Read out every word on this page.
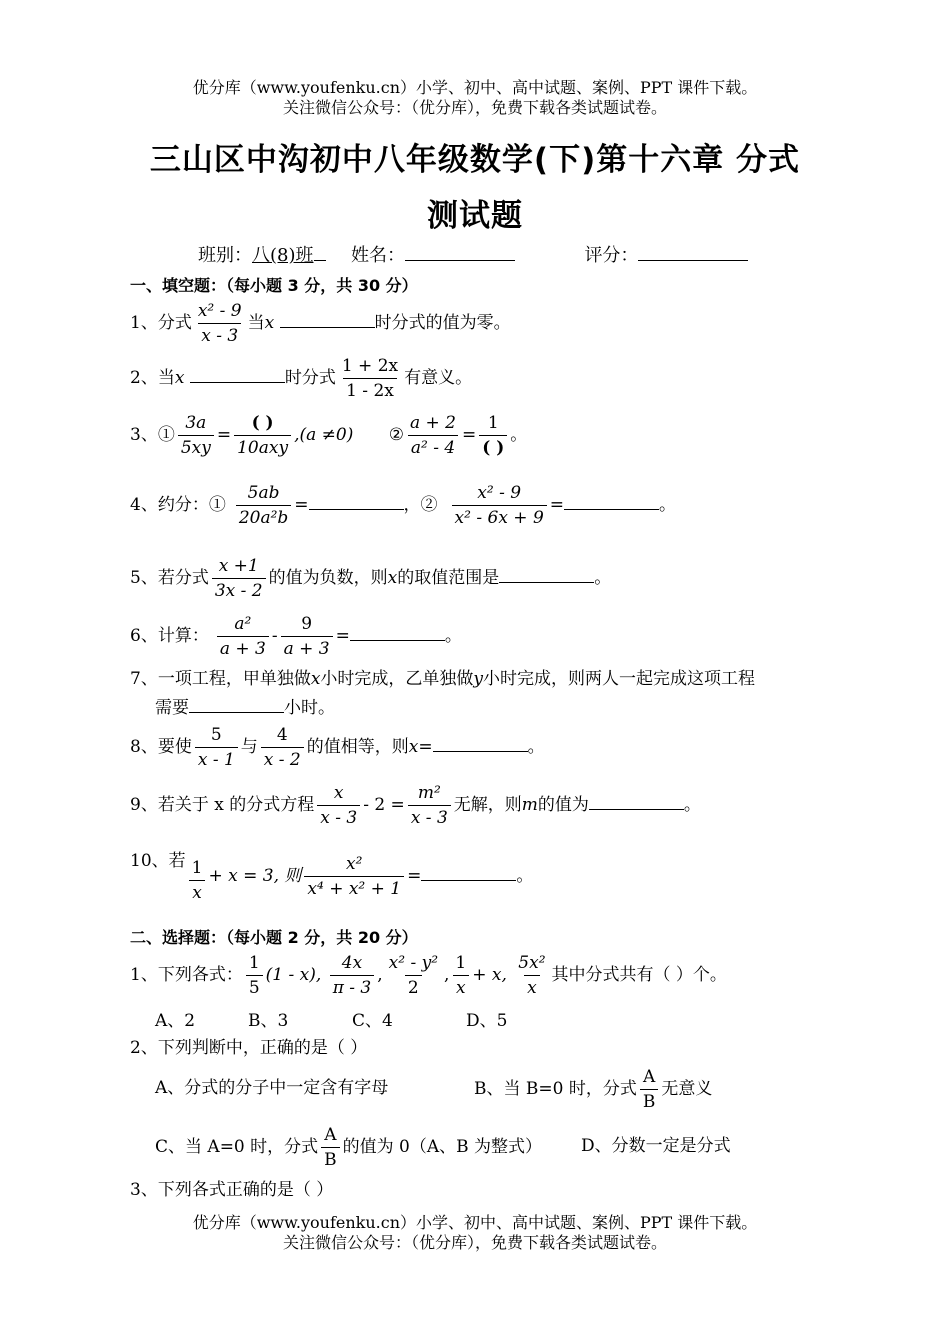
优分库（www.youfenku.cn）小学、初中、高中试题、案例、PPT 课件下载。
关注微信公众号：（优分库），免费下载各类试题试卷。
三山区中沟初中八年级数学(下)第十六章 分式
测试题
班别：八(8)班 姓名：	评分：
一、填空题：（每小题 3 分，共 30 分）
1、分式 $\frac{\text{x² - 9}}{x - 3}$ 当x	时分式的值为零。
2、当x	时分式 $\frac{1 + 2x}{1 - 2x}$ 有意义。
3、① $\frac{3a}{5xy} = \frac{( )}{\text{10axy}} ,(a \ne 0)$ ② $\frac{a + 2}{\text{a² - 4}} = \frac{1}{( )}$ 。
4、约分：① $\frac{5ab}{\text{20a²b}}$ =	，② $\frac{\text{x² - 9}}{\text{x² - 6x + 9}}$ =	。
5、若分式 $\frac{x +1}{3x - 2}$ 的值为负数，则x的取值范围是	。
6、计算： $\frac{\text{a²}}{a + 3} - \frac{9}{a + 3}$ =	。
7、一项工程，甲单独做x小时完成，乙单独做y小时完成，则两人一起完成这项工程
需要	小时。
8、要使 $\frac{5}{x - 1}$ 与 $\frac{4}{x - 2}$ 的值相等，则x=	。
9、若关于 x 的分式方程 $\frac{x}{x - 3} - 2 = \frac{\text{m²}}{x - 3}$ 无解，则m的值为	。
10、若 $\frac{1}{x} + x = 3$, 则 $\frac{\text{x²}}{\text{x⁴ + x² + 1}}$ =	。
二、选择题：（每小题 2 分，共 20 分）
1、下列各式： $\frac{1}{5} (1 - x)$, $\frac{4x}{\pi - 3}$ , $\frac{\text{x² - y²}}{2}$ , $\frac{1}{x} + x$, $\frac{\text{5x²}}{x}$ 其中分式共有（ ）个。
A、2	B、3	C、4	D、5
2、下列判断中，正确的是（ ）
A、分式的分子中一定含有字母	B、当 B=0 时，分式 $\frac{A}{B}$ 无意义
C、当 A=0 时，分式 $\frac{A}{B}$ 的值为 0（A、B 为整式） D、分数一定是分式
3、下列各式正确的是（ ）
优分库（www.youfenku.cn）小学、初中、高中试题、案例、PPT 课件下载。
关注微信公众号：（优分库），免费下载各类试题试卷。
